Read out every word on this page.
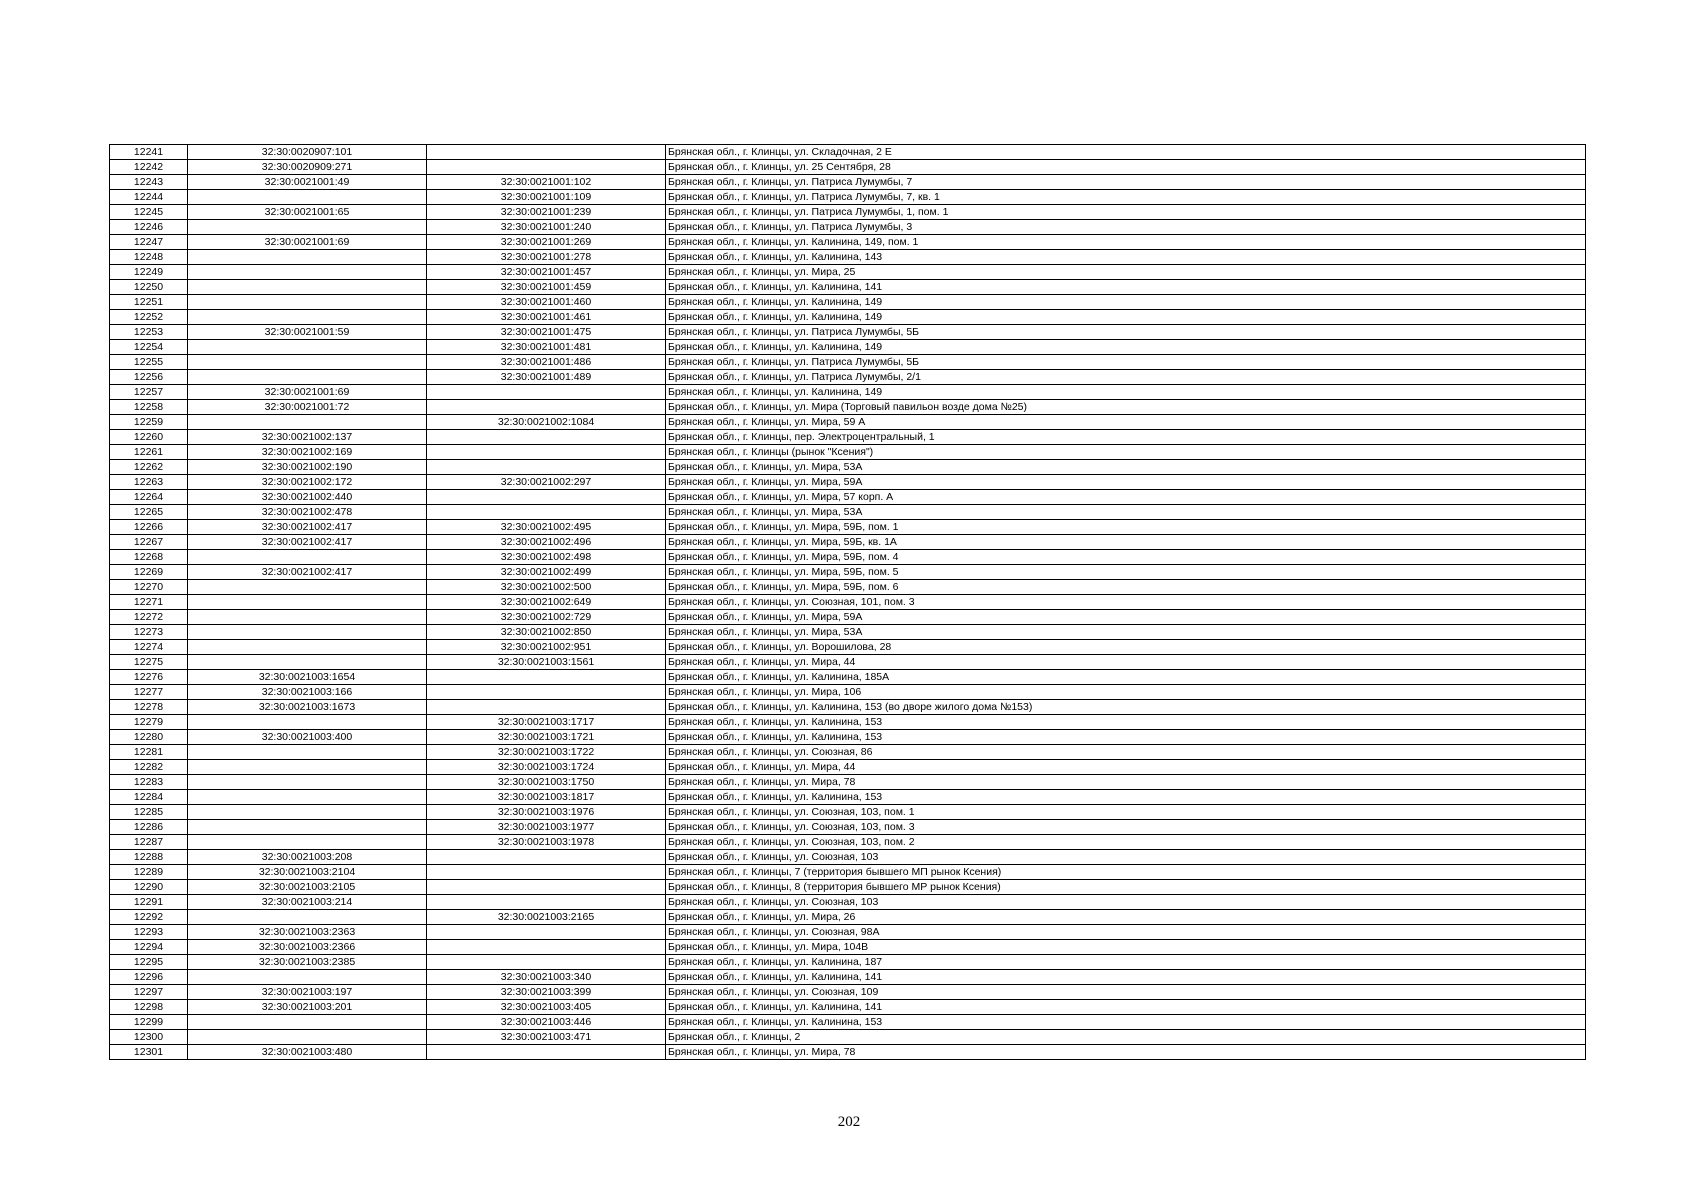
12241	32:30:0020907:101		Брянская обл., г. Клинцы, ул. Складочная, 2 Е
12242	32:30:0020909:271		Брянская обл., г. Клинцы, ул. 25 Сентября, 28
12243	32:30:0021001:49	32:30:0021001:102	Брянская обл., г. Клинцы, ул. Патриса Лумумбы, 7
12244		32:30:0021001:109	Брянская обл., г. Клинцы, ул. Патриса Лумумбы, 7, кв. 1
12245	32:30:0021001:65	32:30:0021001:239	Брянская обл., г. Клинцы, ул. Патриса Лумумбы, 1, пом. 1
12246		32:30:0021001:240	Брянская обл., г. Клинцы, ул. Патриса Лумумбы, 3
12247	32:30:0021001:69	32:30:0021001:269	Брянская обл., г. Клинцы, ул. Калинина, 149, пом. 1
12248		32:30:0021001:278	Брянская обл., г. Клинцы, ул. Калинина, 143
12249		32:30:0021001:457	Брянская обл., г. Клинцы, ул. Мира, 25
12250		32:30:0021001:459	Брянская обл., г. Клинцы, ул. Калинина, 141
12251		32:30:0021001:460	Брянская обл., г. Клинцы, ул. Калинина, 149
12252		32:30:0021001:461	Брянская обл., г. Клинцы, ул. Калинина, 149
12253	32:30:0021001:59	32:30:0021001:475	Брянская обл., г. Клинцы, ул. Патриса Лумумбы, 5Б
12254		32:30:0021001:481	Брянская обл., г. Клинцы, ул. Калинина, 149
12255		32:30:0021001:486	Брянская обл., г. Клинцы, ул. Патриса Лумумбы, 5Б
12256		32:30:0021001:489	Брянская обл., г. Клинцы, ул. Патриса Лумумбы, 2/1
12257	32:30:0021001:69		Брянская обл., г. Клинцы, ул. Калинина, 149
12258	32:30:0021001:72		Брянская обл., г. Клинцы, ул. Мира (Торговый павильон возде дома №25)
12259		32:30:0021002:1084	Брянская обл., г. Клинцы, ул. Мира, 59 А
12260	32:30:0021002:137		Брянская обл., г. Клинцы, пер. Электроцентральный, 1
12261	32:30:0021002:169		Брянская обл., г. Клинцы (рынок "Ксения")
12262	32:30:0021002:190		Брянская обл., г. Клинцы, ул. Мира, 53А
12263	32:30:0021002:172	32:30:0021002:297	Брянская обл., г. Клинцы, ул. Мира, 59А
12264	32:30:0021002:440		Брянская обл., г. Клинцы, ул. Мира, 57 корп. А
12265	32:30:0021002:478		Брянская обл., г. Клинцы, ул. Мира, 53А
12266	32:30:0021002:417	32:30:0021002:495	Брянская обл., г. Клинцы, ул. Мира, 59Б, пом. 1
12267	32:30:0021002:417	32:30:0021002:496	Брянская обл., г. Клинцы, ул. Мира, 59Б, кв. 1А
12268		32:30:0021002:498	Брянская обл., г. Клинцы, ул. Мира, 59Б, пом. 4
12269	32:30:0021002:417	32:30:0021002:499	Брянская обл., г. Клинцы, ул. Мира, 59Б, пом. 5
12270		32:30:0021002:500	Брянская обл., г. Клинцы, ул. Мира, 59Б, пом. 6
12271		32:30:0021002:649	Брянская обл., г. Клинцы, ул. Союзная, 101, пом. 3
12272		32:30:0021002:729	Брянская обл., г. Клинцы, ул. Мира, 59А
12273		32:30:0021002:850	Брянская обл., г. Клинцы, ул. Мира, 53А
12274		32:30:0021002:951	Брянская обл., г. Клинцы, ул. Ворошилова, 28
12275		32:30:0021003:1561	Брянская обл., г. Клинцы, ул. Мира, 44
12276	32:30:0021003:1654		Брянская обл., г. Клинцы, ул. Калинина, 185А
12277	32:30:0021003:166		Брянская обл., г. Клинцы, ул. Мира, 106
12278	32:30:0021003:1673		Брянская обл., г. Клинцы, ул. Калинина, 153 (во дворе жилого дома №153)
12279		32:30:0021003:1717	Брянская обл., г. Клинцы, ул. Калинина, 153
12280	32:30:0021003:400	32:30:0021003:1721	Брянская обл., г. Клинцы, ул. Калинина, 153
12281		32:30:0021003:1722	Брянская обл., г. Клинцы, ул. Союзная, 86
12282		32:30:0021003:1724	Брянская обл., г. Клинцы, ул. Мира, 44
12283		32:30:0021003:1750	Брянская обл., г. Клинцы, ул. Мира, 78
12284		32:30:0021003:1817	Брянская обл., г. Клинцы, ул. Калинина, 153
12285		32:30:0021003:1976	Брянская обл., г. Клинцы, ул. Союзная, 103, пом. 1
12286		32:30:0021003:1977	Брянская обл., г. Клинцы, ул. Союзная, 103, пом. 3
12287		32:30:0021003:1978	Брянская обл., г. Клинцы, ул. Союзная, 103, пом. 2
12288	32:30:0021003:208		Брянская обл., г. Клинцы, ул. Союзная, 103
12289	32:30:0021003:2104		Брянская обл., г. Клинцы, 7 (территория бывшего МП рынок Ксения)
12290	32:30:0021003:2105		Брянская обл., г. Клинцы, 8 (территория бывшего МР рынок Ксения)
12291	32:30:0021003:214		Брянская обл., г. Клинцы, ул. Союзная, 103
12292		32:30:0021003:2165	Брянская обл., г. Клинцы, ул. Мира, 26
12293	32:30:0021003:2363		Брянская обл., г. Клинцы, ул. Союзная, 98А
12294	32:30:0021003:2366		Брянская обл., г. Клинцы, ул. Мира, 104В
12295	32:30:0021003:2385		Брянская обл., г. Клинцы, ул. Калинина, 187
12296		32:30:0021003:340	Брянская обл., г. Клинцы, ул. Калинина, 141
12297	32:30:0021003:197	32:30:0021003:399	Брянская обл., г. Клинцы, ул. Союзная, 109
12298	32:30:0021003:201	32:30:0021003:405	Брянская обл., г. Клинцы, ул. Калинина, 141
12299		32:30:0021003:446	Брянская обл., г. Клинцы, ул. Калинина, 153
12300		32:30:0021003:471	Брянская обл., г. Клинцы, 2
12301	32:30:0021003:480		Брянская обл., г. Клинцы, ул. Мира, 78
202
